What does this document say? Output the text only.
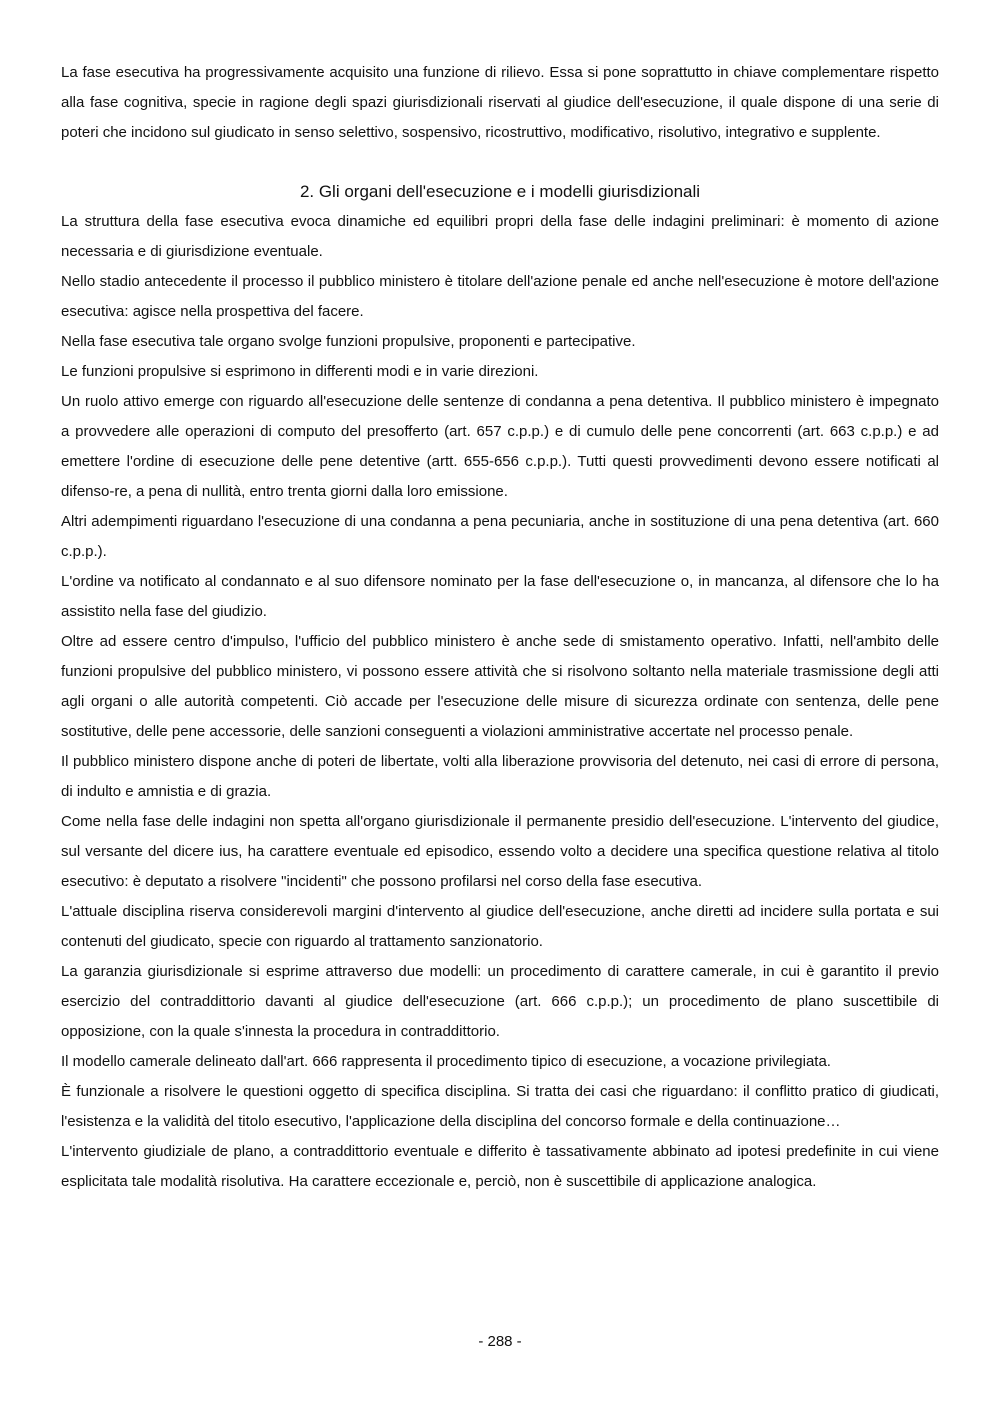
La fase esecutiva ha progressivamente acquisito una funzione di rilievo. Essa si pone soprattutto in chiave complementare rispetto alla fase cognitiva, specie in ragione degli spazi giurisdizionali riservati al giudice dell'esecuzione, il quale dispone di una serie di poteri che incidono sul giudicato in senso selettivo, sospensivo, ricostruttivo, modificativo, risolutivo, integrativo e supplente.

2. Gli organi dell'esecuzione e i modelli giurisdizionali

La struttura della fase esecutiva evoca dinamiche ed equilibri propri della fase delle indagini preliminari: è momento di azione necessaria e di giurisdizione eventuale.

Nello stadio antecedente il processo il pubblico ministero è titolare dell'azione penale ed anche nell'esecuzione è motore dell'azione esecutiva: agisce nella prospettiva del facere.

Nella fase esecutiva tale organo svolge funzioni propulsive, proponenti e partecipative.

Le funzioni propulsive si esprimono in differenti modi e in varie direzioni.

Un ruolo attivo emerge con riguardo all'esecuzione delle sentenze di condanna a pena detentiva. Il pubblico ministero è impegnato a provvedere alle operazioni di computo del presofferto (art. 657 c.p.p.) e di cumulo delle pene concorrenti (art. 663 c.p.p.) e ad emettere l'ordine di esecuzione delle pene detentive (artt. 655-656 c.p.p.). Tutti questi provvedimenti devono essere notificati al difenso-re, a pena di nullità, entro trenta giorni dalla loro emissione.

Altri adempimenti riguardano l'esecuzione di una condanna a pena pecuniaria, anche in sostituzione di una pena detentiva (art. 660 c.p.p.).

L'ordine va notificato al condannato e al suo difensore nominato per la fase dell'esecuzione o, in mancanza, al difensore che lo ha assistito nella fase del giudizio.

Oltre ad essere centro d'impulso, l'ufficio del pubblico ministero è anche sede di smistamento operativo. Infatti, nell'ambito delle funzioni propulsive del pubblico ministero, vi possono essere attività che si risolvono soltanto nella materiale trasmissione degli atti agli organi o alle autorità competenti. Ciò accade per l'esecuzione delle misure di sicurezza ordinate con sentenza, delle pene sostitutive, delle pene accessorie, delle sanzioni conseguenti a violazioni amministrative accertate nel processo penale.

Il pubblico ministero dispone anche di poteri de libertate, volti alla liberazione provvisoria del detenuto, nei casi di errore di persona, di indulto e amnistia e di grazia.

Come nella fase delle indagini non spetta all'organo giurisdizionale il permanente presidio dell'esecuzione. L'intervento del giudice, sul versante del dicere ius, ha carattere eventuale ed episodico, essendo volto a decidere una specifica questione relativa al titolo esecutivo: è deputato a risolvere "incidenti" che possono profilarsi nel corso della fase esecutiva.

L'attuale disciplina riserva considerevoli margini d'intervento al giudice dell'esecuzione, anche diretti ad incidere sulla portata e sui contenuti del giudicato, specie con riguardo al trattamento sanzionatorio.

La garanzia giurisdizionale si esprime attraverso due modelli: un procedimento di carattere camerale, in cui è garantito il previo esercizio del contraddittorio davanti al giudice dell'esecuzione (art. 666 c.p.p.); un procedimento de plano suscettibile di opposizione, con la quale s'innesta la procedura in contraddittorio.

Il modello camerale delineato dall'art. 666 rappresenta il procedimento tipico di esecuzione, a vocazione privilegiata.

È funzionale a risolvere le questioni oggetto di specifica disciplina. Si tratta dei casi che riguardano: il conflitto pratico di giudicati, l'esistenza e la validità del titolo esecutivo, l'applicazione della disciplina del concorso formale e della continuazione…

L'intervento giudiziale de plano, a contraddittorio eventuale e differito è tassativamente abbinato ad ipotesi predefinite in cui viene esplicitata tale modalità risolutiva. Ha carattere eccezionale e, perciò, non è suscettibile di applicazione analogica.

- 288 -
